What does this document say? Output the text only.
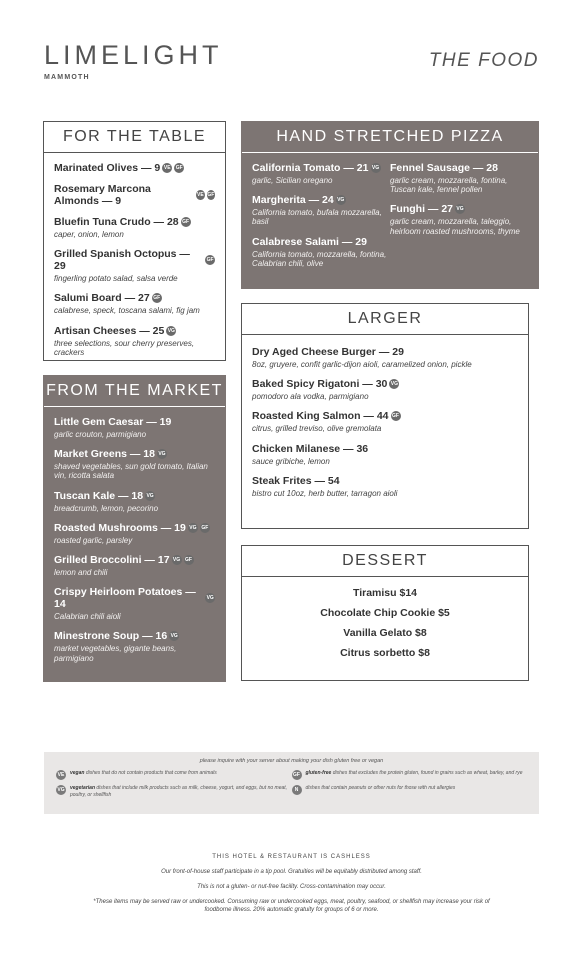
LIMELIGHT
MAMMOTH
THE FOOD
FOR THE TABLE
Marinated Olives — 9 VE	GF
Rosemary Marcona Almonds — 9	VE GF
Bluefin Tuna Crudo — 28 GF
caper, onion, lemon
Grilled Spanish Octopus — 29	GF
fingerling potato salad, salsa verde
Salumi Board — 27 GF
calabrese, speck, toscana salami, fig jam
Artisan Cheeses — 25 VG
three selections, sour cherry preserves, crackers
HAND STRETCHED PIZZA
California Tomato — 21 VG
garlic, Sicilian oregano
Margherita — 24 VG
California tomato, bufala mozzarella, basil
Calabrese Salami — 29
California tomato, mozzarella, fontina, Calabrian chili, olive
Fennel Sausage — 28
garlic cream, mozzarella, fontina, Tuscan kale, fennel pollen
Funghi — 27 VG
garlic cream, mozzarella, taleggio, heirloom roasted mushrooms, thyme
FROM THE MARKET
Little Gem Caesar — 19
garlic crouton, parmigiano
Market Greens — 18 VG
shaved vegetables, sun gold tomato, Italian vin, ricotta salata
Tuscan Kale — 18 VG
breadcrumb, lemon, pecorino
Roasted Mushrooms — 19 VG GF
roasted garlic, parsley
Grilled Broccolini — 17 VG GF
lemon and chili
Crispy Heirloom Potatoes — 14	VG
Calabrian chili aioli
Minestrone Soup — 16 VG
market vegetables, gigante beans, parmigiano
LARGER
Dry Aged Cheese Burger — 29
8oz, gruyere, confit garlic-dijon aioli, caramelized onion, pickle
Baked Spicy Rigatoni — 30 VG
pomodoro ala vodka, parmigiano
Roasted King Salmon — 44 GF
citrus, grilled treviso, olive gremolata
Chicken Milanese — 36
sauce gribiche, lemon
Steak Frites — 54
bistro cut 10oz, herb butter, tarragon aioli
DESSERT
Tiramisu $14
Chocolate Chip Cookie $5
Vanilla Gelato $8
Citrus sorbetto $8
please inquire with your server about making your dish gluten free or vegan
VE	vegan dishes that do not contain products that come from animals
VG vegetarian dishes that include milk products such as milk, cheese, yogurt, and eggs, but no meat, poultry, or shellfish
GF	gluten-free dishes that excludes the protein gluten, found in grains such as wheat, barley, and rye
N	dishes that contain peanuts or other nuts for those with nut allergies
THIS HOTEL & RESTAURANT IS CASHLESS
Our front-of-house staff participate in a tip pool. Gratuities will be equitably distributed among staff.
This is not a gluten- or nut-free facility. Cross-contamination may occur.
*These items may be served raw or undercooked. Consuming raw or undercooked eggs, meat, poultry, seafood, or shellfish may increase your risk of foodborne illness. 20% automatic gratuity for groups of 6 or more.
